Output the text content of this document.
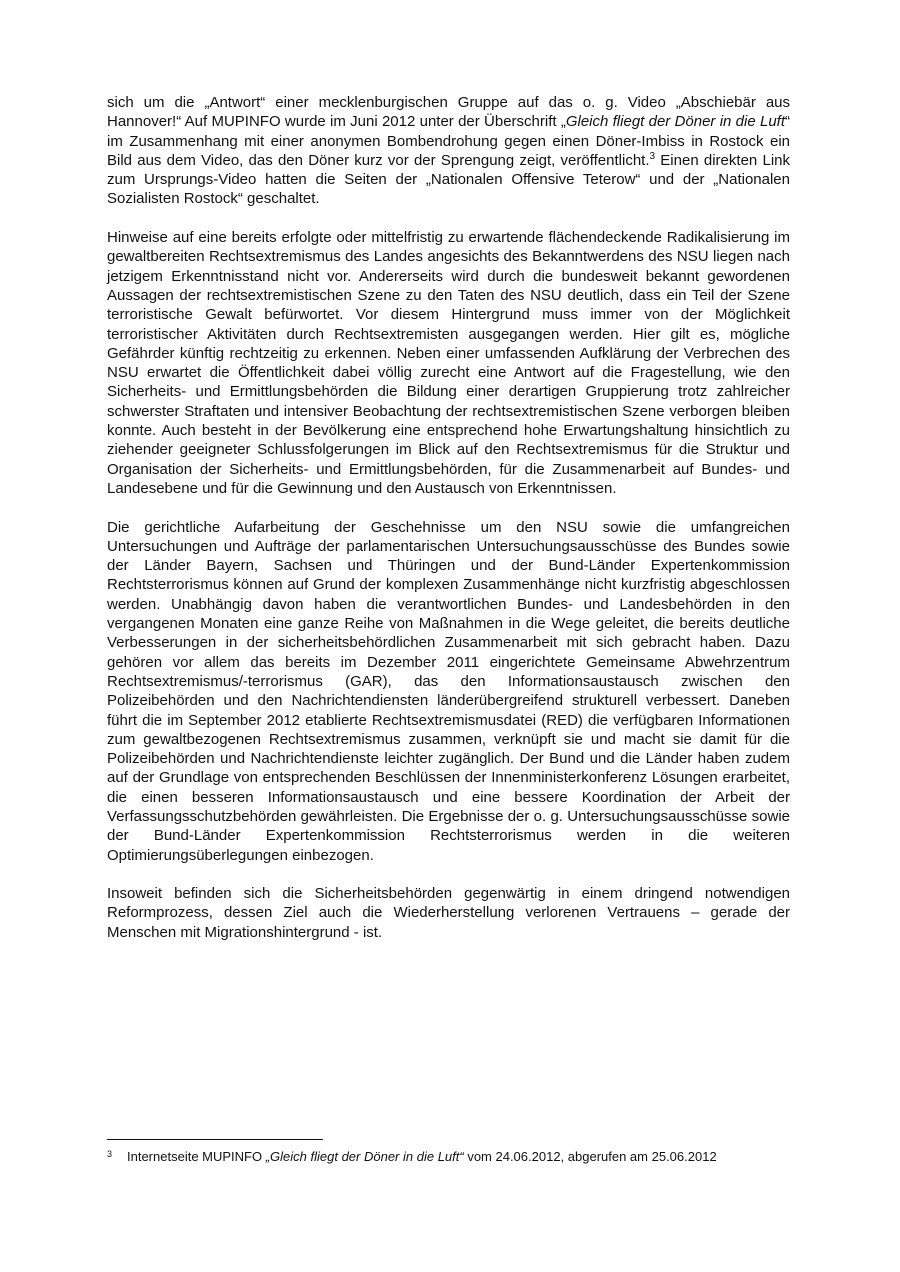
sich um die „Antwort“ einer mecklenburgischen Gruppe auf das o. g. Video „Abschiebär aus Hannover!“ Auf MUPINFO wurde im Juni 2012 unter der Überschrift „Gleich fliegt der Döner in die Luft“ im Zusammenhang mit einer anonymen Bombendrohung gegen einen Döner-Imbiss in Rostock ein Bild aus dem Video, das den Döner kurz vor der Sprengung zeigt, veröffentlicht.$^3$ Einen direkten Link zum Ursprungs-Video hatten die Seiten der „Nationalen Offensive Teterow“ und der „Nationalen Sozialisten Rostock“ geschaltet.

Hinweise auf eine bereits erfolgte oder mittelfristig zu erwartende flächendeckende Radikalisierung im gewaltbereiten Rechtsextremismus des Landes angesichts des Bekanntwerdens des NSU liegen nach jetzigem Erkenntnisstand nicht vor. Andererseits wird durch die bundesweit bekannt gewordenen Aussagen der rechtsextremistischen Szene zu den Taten des NSU deutlich, dass ein Teil der Szene terroristische Gewalt befürwortet. Vor diesem Hintergrund muss immer von der Möglichkeit terroristischer Aktivitäten durch Rechtsextremisten ausgegangen werden. Hier gilt es, mögliche Gefährder künftig rechtzeitig zu erkennen. Neben einer umfassenden Aufklärung der Verbrechen des NSU erwartet die Öffentlichkeit dabei völlig zurecht eine Antwort auf die Fragestellung, wie den Sicherheits- und Ermittlungsbehörden die Bildung einer derartigen Gruppierung trotz zahlreicher schwerster Straftaten und intensiver Beobachtung der rechtsextremistischen Szene verborgen bleiben konnte. Auch besteht in der Bevölkerung eine entsprechend hohe Erwartungshaltung hinsichtlich zu ziehender geeigneter Schlussfolgerungen im Blick auf den Rechtsextremismus für die Struktur und Organisation der Sicherheits- und Ermittlungsbehörden, für die Zusammenarbeit auf Bundes- und Landesebene und für die Gewinnung und den Austausch von Erkenntnissen.

Die gerichtliche Aufarbeitung der Geschehnisse um den NSU sowie die umfangreichen Untersuchungen und Aufträge der parlamentarischen Untersuchungsausschüsse des Bundes sowie der Länder Bayern, Sachsen und Thüringen und der Bund-Länder Expertenkommission Rechtsterrorismus können auf Grund der komplexen Zusammenhänge nicht kurzfristig abgeschlossen werden. Unabhängig davon haben die verantwortlichen Bundes- und Landesbehörden in den vergangenen Monaten eine ganze Reihe von Maßnahmen in die Wege geleitet, die bereits deutliche Verbesserungen in der sicherheitsbehördlichen Zusammenarbeit mit sich gebracht haben. Dazu gehören vor allem das bereits im Dezember 2011 eingerichtete Gemeinsame Abwehrzentrum Rechtsextremismus/-terrorismus (GAR), das den Informationsaustausch zwischen den Polizeibehörden und den Nachrichtendiensten länderübergreifend strukturell verbessert. Daneben führt die im September 2012 etablierte Rechtsextremismusdatei (RED) die verfügbaren Informationen zum gewaltbezogenen Rechtsextremismus zusammen, verknüpft sie und macht sie damit für die Polizeibehörden und Nachrichtendienste leichter zugänglich. Der Bund und die Länder haben zudem auf der Grundlage von entsprechenden Beschlüssen der Innenministerkonferenz Lösungen erarbeitet, die einen besseren Informationsaustausch und eine bessere Koordination der Arbeit der Verfassungsschutzbehörden gewährleisten. Die Ergebnisse der o. g. Untersuchungsausschüsse sowie der Bund-Länder Expertenkommission Rechtsterrorismus werden in die weiteren Optimierungsüberlegungen einbezogen.

Insoweit befinden sich die Sicherheitsbehörden gegenwärtig in einem dringend notwendigen Reformprozess, dessen Ziel auch die Wiederherstellung verlorenen Vertrauens – gerade der Menschen mit Migrationshintergrund - ist.

3	Internetseite MUPINFO „Gleich fliegt der Döner in die Luft“ vom 24.06.2012, abgerufen am 25.06.2012
